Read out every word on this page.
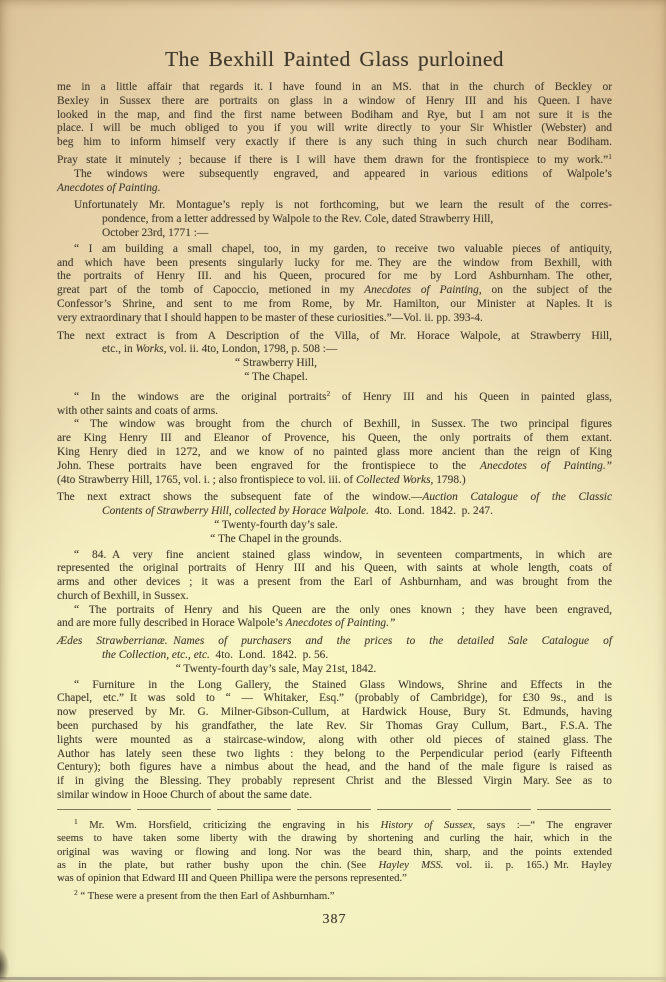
The Bexhill Painted Glass purloined
me in a little affair that regards it. I have found in an MS. that in the church of Beckley or
Bexley in Sussex there are portraits on glass in a window of Henry III and his Queen. I have
looked in the map, and find the first name between Bodiham and Rye, but I am not sure it is the
place. I will be much obliged to you if you will write directly to your Sir Whistler (Webster) and
beg him to inform himself very exactly if there is any such thing in such church near Bodiham.
Pray state it minutely ; because if there is I will have them drawn for the frontispiece to my work.”$^1$
The windows were subsequently engraved, and appeared in various editions of Walpole’s
Anecdotes of Painting.
Unfortunately Mr. Montague’s reply is not forthcoming, but we learn the result of the corres-
pondence, from a letter addressed by Walpole to the Rev. Cole, dated Strawberry Hill,
October 23rd, 1771 :—
“ I am building a small chapel, too, in my garden, to receive two valuable pieces of antiquity,
and which have been presents singularly lucky for me. They are the window from Bexhill, with
the portraits of Henry III. and his Queen, procured for me by Lord Ashburnham. The other,
great part of the tomb of Capoccio, metioned in my Anecdotes of Painting, on the subject of the
Confessor’s Shrine, and sent to me from Rome, by Mr. Hamilton, our Minister at Naples. It is
very extraordinary that I should happen to be master of these curiosities.”—Vol. ii. pp. 393-4.
The next extract is from A Description of the Villa, of Mr. Horace Walpole, at Strawberry Hill,
etc., in Works, vol. ii. 4to, London, 1798, p. 508 :—
“ Strawberry Hill,
“ The Chapel.
“ In the windows are the original portraits$^2$ of Henry III and his Queen in painted glass,
with other saints and coats of arms.
“ The window was brought from the church of Bexhill, in Sussex. The two principal figures
are King Henry III and Eleanor of Provence, his Queen, the only portraits of them extant.
King Henry died in 1272, and we know of no painted glass more ancient than the reign of King
John. These portraits have been engraved for the frontispiece to the Anecdotes of Painting.”
(4to Strawberry Hill, 1765, vol. i. ; also frontispiece to vol. iii. of Collected Works, 1798.)
The next extract shows the subsequent fate of the window.—Auction Catalogue of the Classic
Contents of Strawberry Hill, collected by Horace Walpole. 4to. Lond. 1842. p. 247.
“ Twenty-fourth day’s sale.
“ The Chapel in the grounds.
“ 84. A very fine ancient stained glass window, in seventeen compartments, in which are
represented the original portraits of Henry III and his Queen, with saints at whole length, coats of
arms and other devices ; it was a present from the Earl of Ashburnham, and was brought from the
church of Bexhill, in Sussex.
“ The portraits of Henry and his Queen are the only ones known ; they have been engraved,
and are more fully described in Horace Walpole’s Anecdotes of Painting.”
Ædes Strawberrianæ. Names of purchasers and the prices to the detailed Sale Catalogue of
the Collection, etc., etc. 4to. Lond. 1842. p. 56.
“ Twenty-fourth day’s sale, May 21st, 1842.
“ Furniture in the Long Gallery, the Stained Glass Windows, Shrine and Effects in the
Chapel, etc.” It was sold to “ — Whitaker, Esq.” (probably of Cambridge), for £30 9s., and is
now preserved by Mr. G. Milner-Gibson-Cullum, at Hardwick House, Bury St. Edmunds, having
been purchased by his grandfather, the late Rev. Sir Thomas Gray Cullum, Bart., F.S.A. The
lights were mounted as a staircase-window, along with other old pieces of stained glass. The
Author has lately seen these two lights : they belong to the Perpendicular period (early Fifteenth
Century); both figures have a nimbus about the head, and the hand of the male figure is raised as
if in giving the Blessing. They probably represent Christ and the Blessed Virgin Mary. See as to
similar window in Hooe Church of about the same date.
$^1$ Mr. Wm. Horsfield, criticizing the engraving in his History of Sussex, says :—“ The engraver
seems to have taken some liberty with the drawing by shortening and curling the hair, which in the
original was waving or flowing and long. Nor was the beard thin, sharp, and the points extended
as in the plate, but rather bushy upon the chin. (See Hayley MSS. vol. ii. p. 165.) Mr. Hayley
was of opinion that Edward III and Queen Phillipa were the persons represented.”
$^2$ “ These were a present from the then Earl of Ashburnham.”
387
